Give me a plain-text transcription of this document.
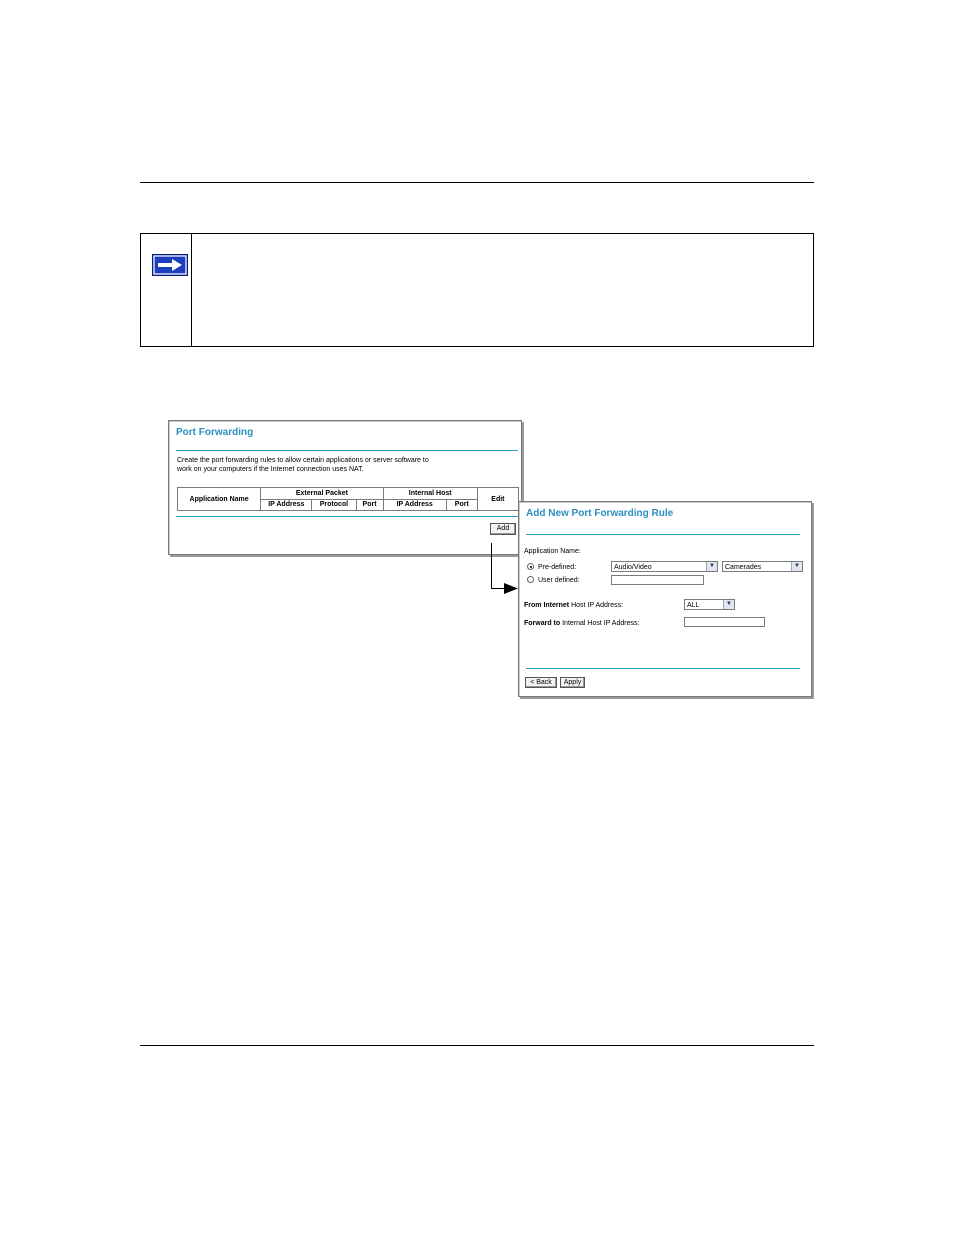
Port Forwarding
Create the port forwarding rules to allow certain applications or server software to
work on your computers if the Internet connection uses NAT.
Application Name	External Packet			Internal Host		Edit
	IP Address	Protocol	Port	IP Address	Port	
Add
Add New Port Forwarding Rule
Application Name:
Pre-defined:	Audio/Video	▼	Camerades	▼
User defined:
From Internet Host IP Address:	ALL	▼
Forward to Internal Host IP Address:
< Back	Apply
